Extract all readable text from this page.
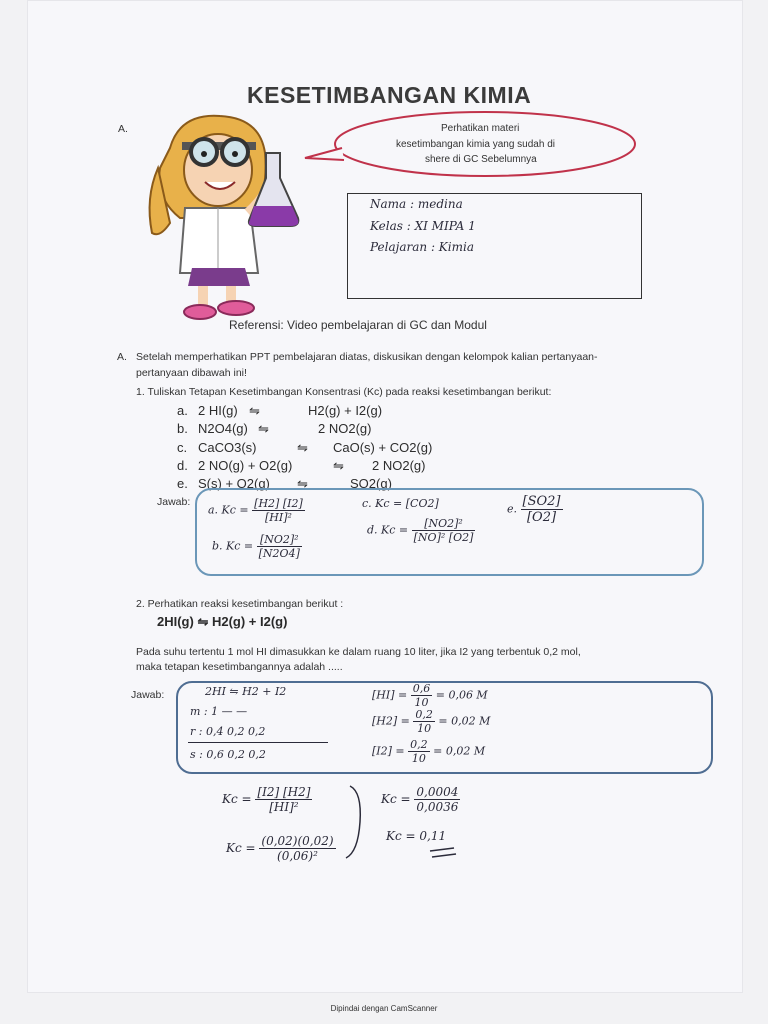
KESETIMBANGAN KIMIA
A.	Perhatikan materi
kesetimbangan kimia yang sudah di
shere di GC Sebelumnya
Nama : medina
Kelas : XI MIPA 1
Pelajaran : Kimia
Referensi: Video pembelajaran di GC dan Modul
A. Setelah memperhatikan PPT pembelajaran diatas, diskusikan dengan kelompok kalian pertanyaan-
pertanyaan dibawah ini!
1. Tuliskan Tetapan Kesetimbangan Konsentrasi (Kc) pada reaksi kesetimbangan berikut:
a. 2 HI(g) ⇋	H2(g) + I2(g)
b. N2O4(g) ⇋	2 NO2(g)
c. CaCO3(s)	⇋ CaO(s) + CO2(g)
d. 2 NO(g) + O2(g)	⇋ 2 NO2(g)
e. S(s) + O2(g) ⇋	SO2(g)
Jawab:
a. $Kc = \frac{[H2] [I2]}{\text{[HI]²}}$
b. $Kc = \frac{\text{[NO2]²}}{[N2O4]}$
c. Kc = [CO2]
d. $Kc = \frac{\text{[NO2]²}}{\text{[NO]² [O2]}}$
e. $\frac{[SO2]}{[O2]}$
2. Perhatikan reaksi kesetimbangan berikut :
2HI(g) ⇋ H2(g) + I2(g)
Pada suhu tertentu 1 mol HI dimasukkan ke dalam ruang 10 liter, jika I2 yang terbentuk 0,2 mol,
maka tetapan kesetimbangannya adalah .....
Jawab:	2HI ⇋ H2 + I2
m : 1 — —
r : 0,4 0,2 0,2
s : 0,6 0,2 0,2
$[HI] = \frac{0,6}{10} = 0,06$ M
$[H2] = \frac{0,2}{10} = 0,02$ M
$[I2] = \frac{0,2}{10} = 0,02$ M
$Kc = \frac{[I2] [H2]}{\text{[HI]²}}$
$Kc = \frac{(0,02)(0,02)}{\text{(0,06)²}}$
$Kc = \frac{0,0004}{0,0036}$
Kc = 0,11
Dipindai dengan CamScanner
